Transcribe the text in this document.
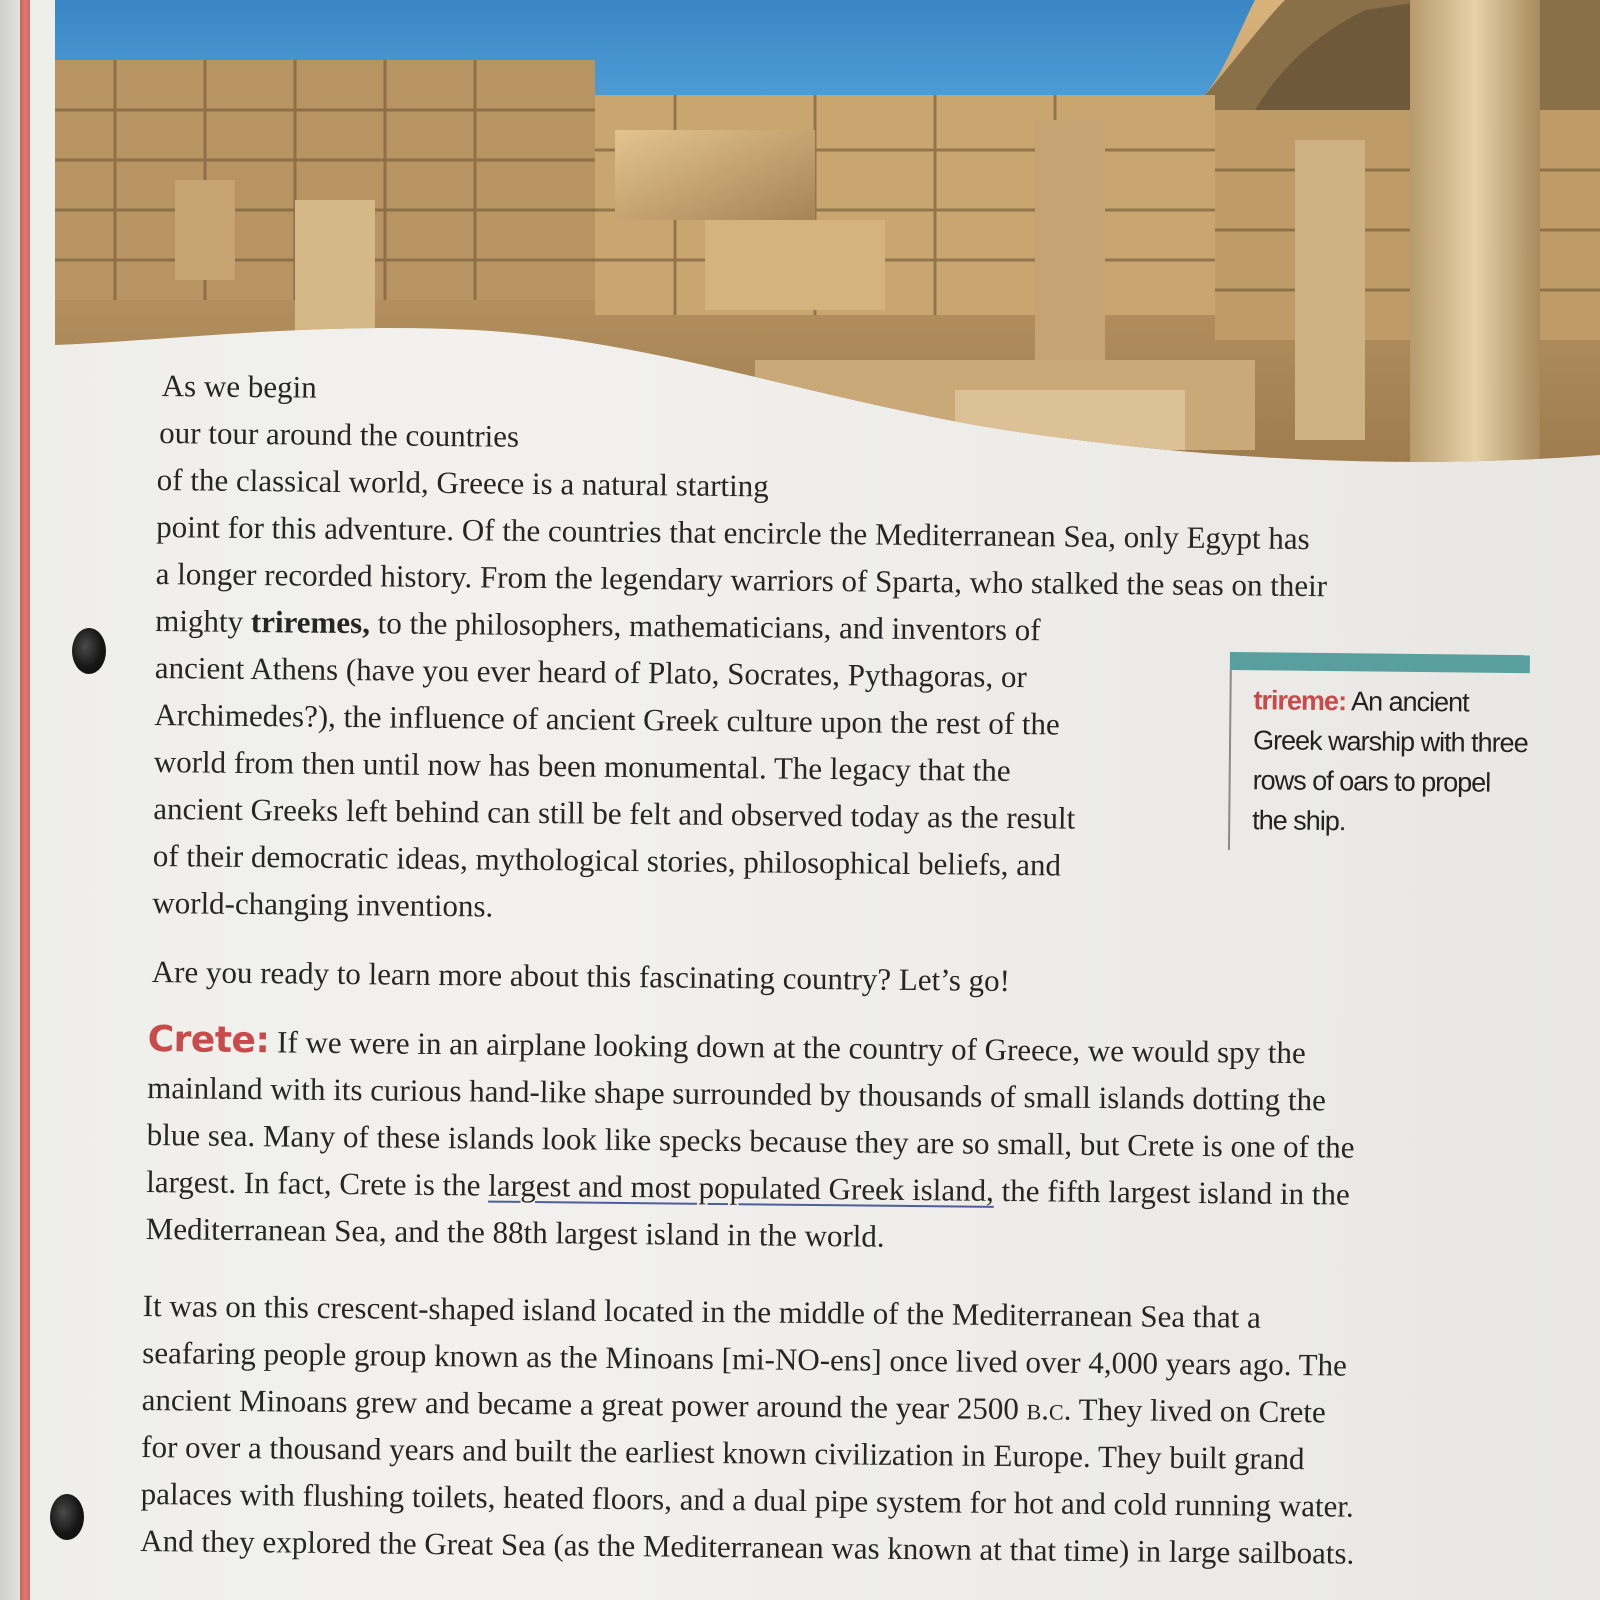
As we begin
our tour around the countries
of the classical world, Greece is a natural starting
point for this adventure. Of the countries that encircle the Mediterranean Sea, only Egypt has
a longer recorded history. From the legendary warriors of Sparta, who stalked the seas on their
mighty triremes, to the philosophers, mathematicians, and inventors of
ancient Athens (have you ever heard of Plato, Socrates, Pythagoras, or
Archimedes?), the influence of ancient Greek culture upon the rest of the
world from then until now has been monumental. The legacy that the
ancient Greeks left behind can still be felt and observed today as the result
of their democratic ideas, mythological stories, philosophical beliefs, and
world-changing inventions.
trireme: An ancient
Greek warship with three
rows of oars to propel
the ship.
Are you ready to learn more about this fascinating country? Let’s go!
Crete: If we were in an airplane looking down at the country of Greece, we would spy the
mainland with its curious hand-like shape surrounded by thousands of small islands dotting the
blue sea. Many of these islands look like specks because they are so small, but Crete is one of the
largest. In fact, Crete is the largest and most populated Greek island, the fifth largest island in the
Mediterranean Sea, and the 88th largest island in the world.
It was on this crescent-shaped island located in the middle of the Mediterranean Sea that a
seafaring people group known as the Minoans [mi-NO-ens] once lived over 4,000 years ago. The
ancient Minoans grew and became a great power around the year 2500 b.c. They lived on Crete
for over a thousand years and built the earliest known civilization in Europe. They built grand
palaces with flushing toilets, heated floors, and a dual pipe system for hot and cold running water.
And they explored the Great Sea (as the Mediterranean was known at that time) in large sailboats.
